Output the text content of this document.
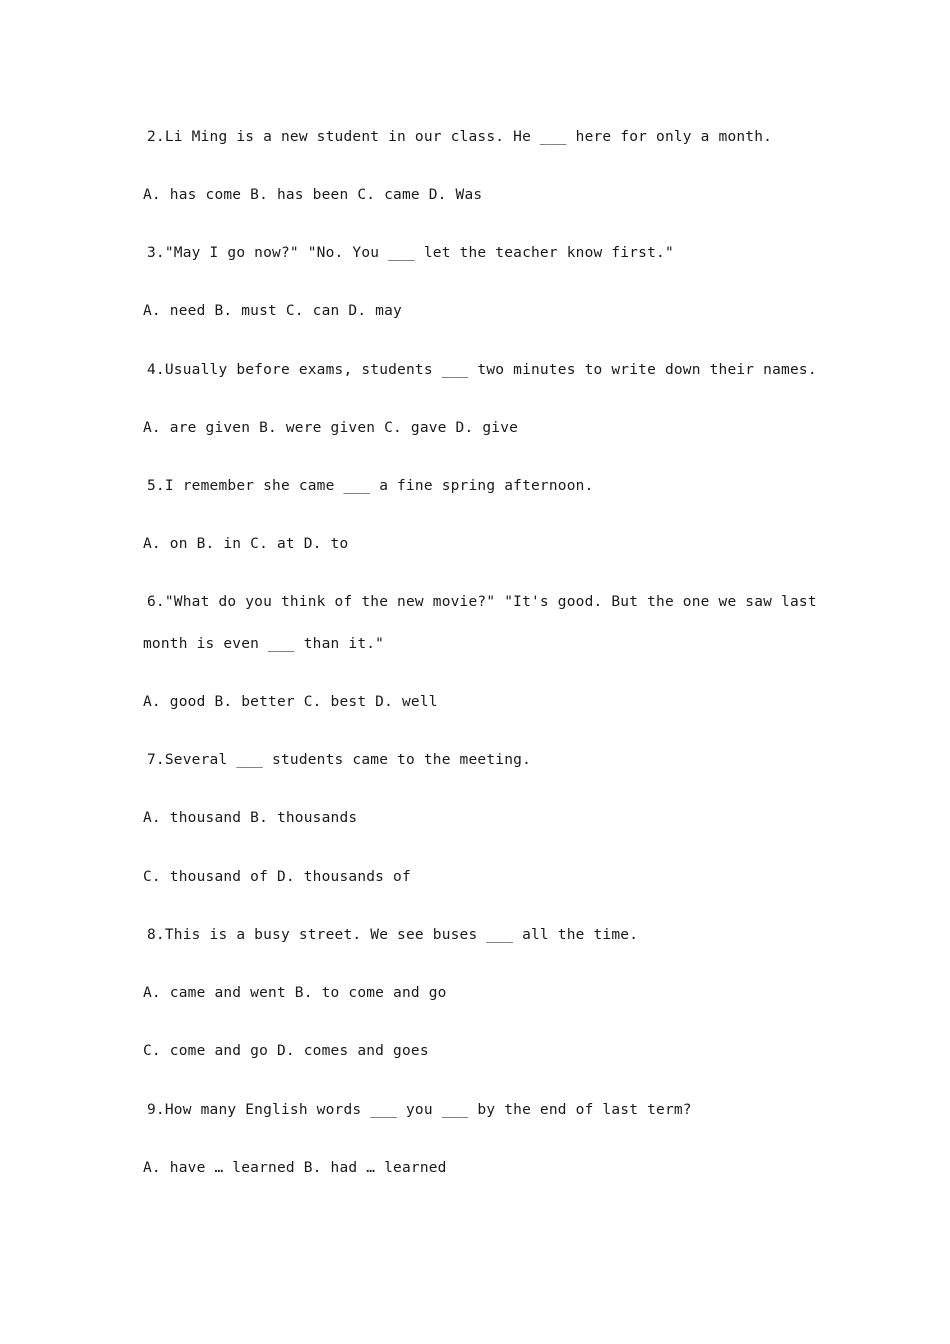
2.Li Ming is a new student in our class. He ___ here for only a month.
A. has come B. has been C. came D. Was
3."May I go now?" "No. You ___ let the teacher know first."
A. need B. must C. can D. may
4.Usually before exams, students ___ two minutes to write down their names.
A. are given B. were given C. gave D. give
5.I remember she came ___ a fine spring afternoon.
A. on B. in C. at D. to
6."What do you think of the new movie?" "It's good. But the one we saw last
month is even ___ than it."
A. good B. better C. best D. well
7.Several ___ students came to the meeting.
A. thousand B. thousands
C. thousand of D. thousands of
8.This is a busy street. We see buses ___ all the time.
A. came and went B. to come and go
C. come and go D. comes and goes
9.How many English words ___ you ___ by the end of last term?
A. have … learned B. had … learned
